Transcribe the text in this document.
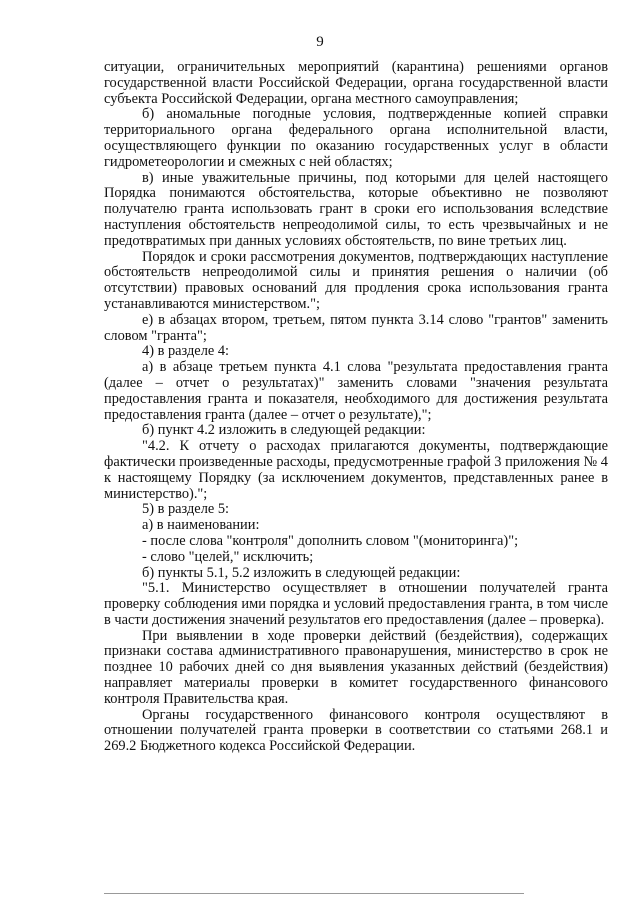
9

ситуации, ограничительных мероприятий (карантина) решениями органов государственной власти Российской Федерации, органа государственной власти субъекта Российской Федерации, органа местного самоуправления;

б) аномальные погодные условия, подтвержденные копией справки территориального органа федерального органа исполнительной власти, осуществляющего функции по оказанию государственных услуг в области гидрометеорологии и смежных с ней областях;

в) иные уважительные причины, под которыми для целей настоящего Порядка понимаются обстоятельства, которые объективно не позволяют получателю гранта использовать грант в сроки его использования вследствие наступления обстоятельств непреодолимой силы, то есть чрезвычайных и не предотвратимых при данных условиях обстоятельств, по вине третьих лиц.

Порядок и сроки рассмотрения документов, подтверждающих наступление обстоятельств непреодолимой силы и принятия решения о наличии (об отсутствии) правовых оснований для продления срока использования гранта устанавливаются министерством.";

е) в абзацах втором, третьем, пятом пункта 3.14 слово "грантов" заменить словом "гранта";

4) в разделе 4:

а) в абзаце третьем пункта 4.1 слова "результата предоставления гранта (далее – отчет о результатах)" заменить словами "значения результата предоставления гранта и показателя, необходимого для достижения результата предоставления гранта (далее – отчет о результате),";

б) пункт 4.2 изложить в следующей редакции:

"4.2. К отчету о расходах прилагаются документы, подтверждающие фактически произведенные расходы, предусмотренные графой 3 приложения № 4 к настоящему Порядку (за исключением документов, представленных ранее в министерство).";

5) в разделе 5:

а) в наименовании:

- после слова "контроля" дополнить словом "(мониторинга)";

- слово "целей," исключить;

б) пункты 5.1, 5.2 изложить в следующей редакции:

"5.1. Министерство осуществляет в отношении получателей гранта проверку соблюдения ими порядка и условий предоставления гранта, в том числе в части достижения значений результатов его предоставления (далее – проверка).

При выявлении в ходе проверки действий (бездействия), содержащих признаки состава административного правонарушения, министерство в срок не позднее 10 рабочих дней со дня выявления указанных действий (бездействия) направляет материалы проверки в комитет государственного финансового контроля Правительства края.

Органы государственного финансового контроля осуществляют в отношении получателей гранта проверки в соответствии со статьями 268.1 и 269.2 Бюджетного кодекса Российской Федерации.
